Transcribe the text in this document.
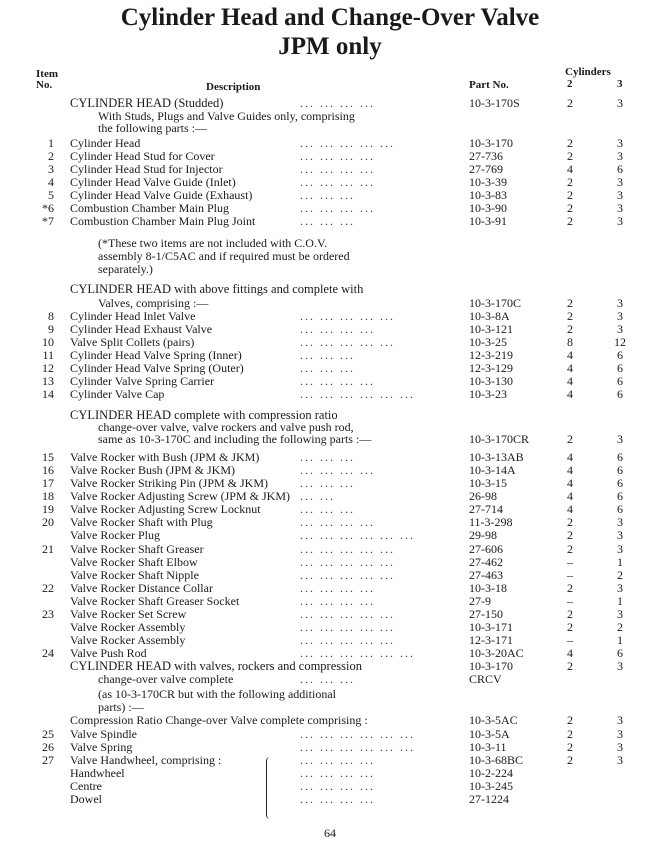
Cylinder Head and Change-Over Valve
JPM only
Item
No.	Description	Part No.
Cylinders
2	3
CYLINDER HEAD (Studded)	... ... ... ...	10-3-170S	2	3
With Studs, Plugs and Valve Guides only, comprising
the following parts :—
1 Cylinder Head	... ... ... ... ...	10-3-170	2	3
2 Cylinder Head Stud for Cover	... ... ... ...	27-736	2	3
3 Cylinder Head Stud for Injector	... ... ... ...	27-769	4	6
4 Cylinder Head Valve Guide (Inlet)	... ... ... ...	10-3-39	2	3
5 Cylinder Head Valve Guide (Exhaust)	... ... ...	10-3-83	2	3
*6 Combustion Chamber Main Plug	... ... ... ...	10-3-90	2	3
*7 Combustion Chamber Main Plug Joint	... ... ...	10-3-91	2	3
(*These two items are not included with C.O.V.
assembly 8-1/C5AC and if required must be ordered
separately.)
CYLINDER HEAD with above fittings and complete with
Valves, comprising :—	10-3-170C	2	3
8 Cylinder Head Inlet Valve	... ... ... ... ...	10-3-8A	2	3
9 Cylinder Head Exhaust Valve	... ... ... ...	10-3-121	2	3
10 Valve Split Collets (pairs)	... ... ... ... ...	10-3-25	8	12
11 Cylinder Head Valve Spring (Inner)	... ... ...	12-3-219	4	6
12 Cylinder Head Valve Spring (Outer)	... ... ...	12-3-129	4	6
13 Cylinder Valve Spring Carrier	... ... ... ...	10-3-130	4	6
14 Cylinder Valve Cap	... ... ... ... ... ...	10-3-23	4	6
CYLINDER HEAD complete with compression ratio
change-over valve, valve rockers and valve push rod,
same as 10-3-170C and including the following parts :—	10-3-170CR	2	3
15 Valve Rocker with Bush (JPM & JKM)	... ... ...	10-3-13AB	4	6
16 Valve Rocker Bush (JPM & JKM)	... ... ... ...	10-3-14A	4	6
17 Valve Rocker Striking Pin (JPM & JKM)	... ... ...	10-3-15	4	6
18 Valve Rocker Adjusting Screw (JPM & JKM) ... ...	26-98	4	6
19 Valve Rocker Adjusting Screw Locknut	... ... ...	27-714	4	6
20 Valve Rocker Shaft with Plug	... ... ... ...	11-3-298	2	3
Valve Rocker Plug	... ... ... ... ... ...	29-98	2	3
21 Valve Rocker Shaft Greaser	... ... ... ... ...	27-606	2	3
Valve Rocker Shaft Elbow	... ... ... ... ...	27-462	–	1
Valve Rocker Shaft Nipple	... ... ... ... ...	27-463	–	2
22 Valve Rocker Distance Collar	... ... ... ...	10-3-18	2	3
Valve Rocker Shaft Greaser Socket	... ... ... ...	27-9	–	1
23 Valve Rocker Set Screw	... ... ... ... ...	27-150	2	3
Valve Rocker Assembly	... ... ... ... ...	10-3-171	2	2
Valve Rocker Assembly	... ... ... ... ...	12-3-171	–	1
24 Valve Push Rod	... ... ... ... ... ...	10-3-20AC	4	6
CYLINDER HEAD with valves, rockers and compression	10-3-170	2	3
change-over valve complete	... ... ...	CRCV
(as 10-3-170CR but with the following additional
parts) :—
Compression Ratio Change-over Valve complete comprising :	10-3-5AC	2	3
25 Valve Spindle	... ... ... ... ... ...	10-3-5A	2	3
26 Valve Spring	... ... ... ... ... ...	10-3-11	2	3
27 Valve Handwheel, comprising :	... ... ... ...	10-3-68BC	2	3
Handwheel	... ... ... ...	10-2-224
Centre	... ... ... ...	10-3-245
Dowel	... ... ... ...	27-1224
64
